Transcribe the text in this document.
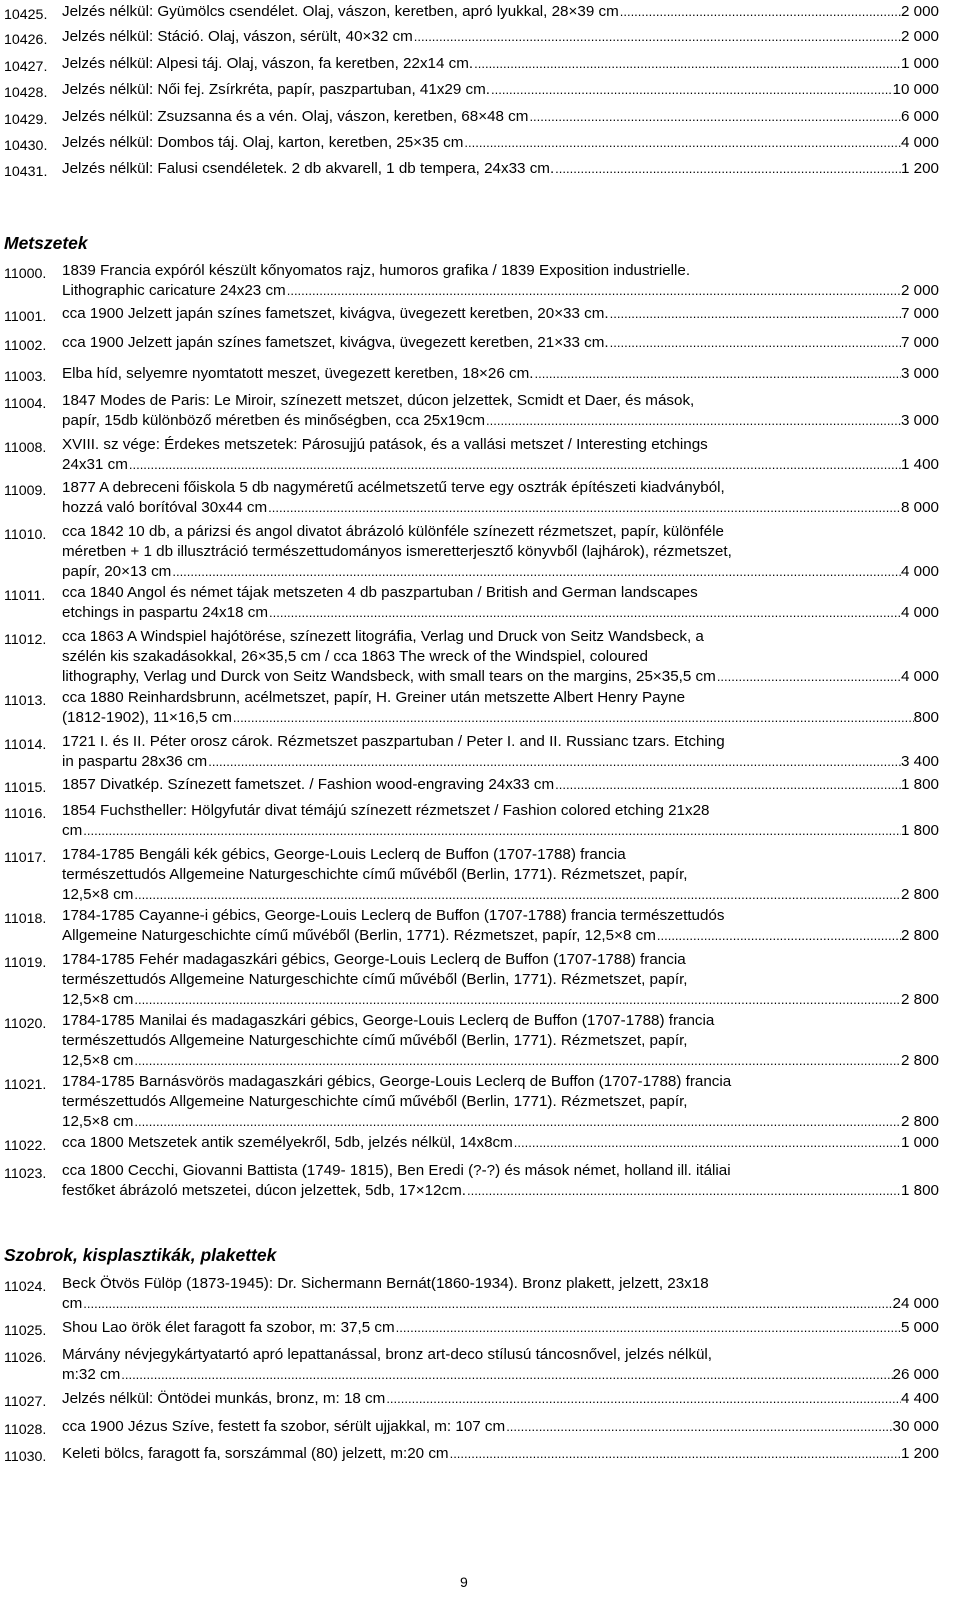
10425. Jelzés nélkül: Gyümölcs csendélet. Olaj, vászon, keretben, apró lyukkal, 28×39 cm .....	2 000
10426. Jelzés nélkül: Stáció. Olaj, vászon, sérült, 40×32 cm .....	2 000
10427. Jelzés nélkül: Alpesi táj. Olaj, vászon, fa keretben, 22x14 cm. .....	1 000
10428. Jelzés nélkül: Női fej. Zsírkréta, papír, paszpartuban, 41x29 cm. .....	10 000
10429. Jelzés nélkül: Zsuzsanna és a vén. Olaj, vászon, keretben, 68×48 cm .....	6 000
10430. Jelzés nélkül: Dombos táj. Olaj, karton, keretben, 25×35 cm .....	4 000
10431. Jelzés nélkül: Falusi csendéletek. 2 db akvarell, 1 db tempera, 24x33 cm. .....	1 200
Metszetek
11000.	1839 Francia expóról készült kőnyomatos rajz, humoros grafika / 1839 Exposition industrielle.
Lithographic caricature 24x23 cm .....	2 000
11001.	cca 1900 Jelzett japán színes fametszet, kivágva, üvegezett keretben, 20×33 cm. .....	7 000
11002.	cca 1900 Jelzett japán színes fametszet, kivágva, üvegezett keretben, 21×33 cm. .....	7 000
11003.	Elba híd, selyemre nyomtatott meszet, üvegezett keretben, 18×26 cm. .....	3 000
11004.	1847 Modes de Paris: Le Miroir, színezett metszet, dúcon jelzettek, Scmidt et Daer, és mások,
papír, 15db különböző méretben és minőségben, cca 25x19cm .....	3 000
11008.	XVIII. sz vége: Érdekes metszetek: Párosujjú patások, és a vallási metszet / Interesting etchings
24x31 cm .....	1 400
11009.	1877 A debreceni főiskola 5 db nagyméretű acélmetszetű terve egy osztrák építészeti kiadványból,
hozzá való borítóval 30x44 cm .....	8 000
11010.	cca 1842 10 db, a párizsi és angol divatot ábrázoló különféle színezett rézmetszet, papír, különféle
méretben + 1 db illusztráció természettudományos ismeretterjesztő könyvből (lajhárok), rézmetszet,
papír, 20×13 cm .....	4 000
11011.	cca 1840 Angol és német tájak metszeten 4 db paszpartuban / British and German landscapes
etchings in paspartu 24x18 cm .....	4 000
11012.	cca 1863 A Windspiel hajótörése, színezett litográfia, Verlag und Druck von Seitz Wandsbeck, a
szélén kis szakadásokkal, 26×35,5 cm / cca 1863 The wreck of the Windspiel, coloured
lithography, Verlag und Durck von Seitz Wandsbeck, with small tears on the margins, 25×35,5 cm .....	4 000
11013.	cca 1880 Reinhardsbrunn, acélmetszet, papír, H. Greiner után metszette Albert Henry Payne
(1812-1902), 11×16,5 cm .....	800
11014.	1721 I. és II. Péter orosz cárok. Rézmetszet paszpartuban / Peter I. and II. Russianc tzars. Etching
in paspartu 28x36 cm .....	3 400
11015.	1857 Divatkép. Színezett fametszet. / Fashion wood-engraving 24x33 cm .....	1 800
11016.	1854 Fuchstheller: Hölgyfutár divat témájú színezett rézmetszet / Fashion colored etching 21x28
cm .....	1 800
11017.	1784-1785 Bengáli kék gébics, George-Louis Leclerq de Buffon (1707-1788) francia
természettudós Allgemeine Naturgeschichte című művéből (Berlin, 1771). Rézmetszet, papír,
12,5×8 cm .....	2 800
11018.	1784-1785 Cayanne-i gébics, George-Louis Leclerq de Buffon (1707-1788) francia természettudós
Allgemeine Naturgeschichte című művéből (Berlin, 1771). Rézmetszet, papír, 12,5×8 cm .....	2 800
11019.	1784-1785 Fehér madagaszkári gébics, George-Louis Leclerq de Buffon (1707-1788) francia
természettudós Allgemeine Naturgeschichte című művéből (Berlin, 1771). Rézmetszet, papír,
12,5×8 cm .....	2 800
11020.	1784-1785 Manilai és madagaszkári gébics, George-Louis Leclerq de Buffon (1707-1788) francia
természettudós Allgemeine Naturgeschichte című művéből (Berlin, 1771). Rézmetszet, papír,
12,5×8 cm .....	2 800
11021.	1784-1785 Barnásvörös madagaszkári gébics, George-Louis Leclerq de Buffon (1707-1788) francia
természettudós Allgemeine Naturgeschichte című művéből (Berlin, 1771). Rézmetszet, papír,
12,5×8 cm .....	2 800
11022.	cca 1800 Metszetek antik személyekről, 5db, jelzés nélkül, 14x8cm .....	1 000
11023.	cca 1800 Cecchi, Giovanni Battista (1749- 1815), Ben Eredi (?-?) és mások német, holland ill. itáliai
festőket ábrázoló metszetei, dúcon jelzettek, 5db, 17×12cm. .....	1 800
Szobrok, kisplasztikák, plakettek
11024.	Beck Ötvös Fülöp (1873-1945): Dr. Sichermann Bernát(1860-1934). Bronz plakett, jelzett, 23x18
cm .....	24 000
11025.	Shou Lao örök élet faragott fa szobor, m: 37,5 cm .....	5 000
11026.	Márvány névjegykártyatartó apró lepattanással, bronz art-deco stílusú táncosnővel, jelzés nélkül,
m:32 cm .....	26 000
11027.	Jelzés nélkül: Öntödei munkás, bronz, m: 18 cm .....	4 400
11028.	cca 1900 Jézus Szíve, festett fa szobor, sérült ujjakkal, m: 107 cm .....	30 000
11030.	Keleti bölcs, faragott fa, sorszámmal (80) jelzett, m:20 cm .....	1 200
9
